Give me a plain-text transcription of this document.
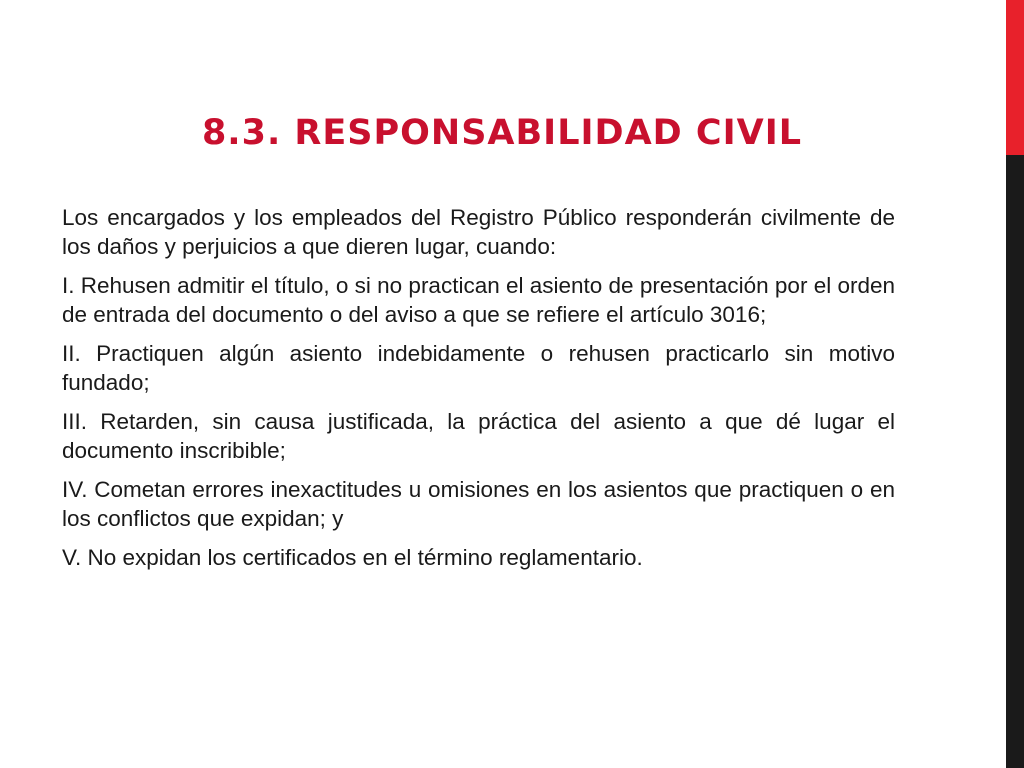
8.3. RESPONSABILIDAD CIVIL

Los encargados y los empleados del Registro Público responderán civilmente de los daños y perjuicios a que dieren lugar, cuando:

I. Rehusen admitir el título, o si no practican el asiento de presentación por el orden de entrada del documento o del aviso a que se refiere el artículo 3016;

II. Practiquen algún asiento indebidamente o rehusen practicarlo sin motivo fundado;

III. Retarden, sin causa justificada, la práctica del asiento a que dé lugar el documento inscribible;

IV. Cometan errores inexactitudes u omisiones en los asientos que practiquen o en los conflictos que expidan; y

V. No expidan los certificados en el término reglamentario.
